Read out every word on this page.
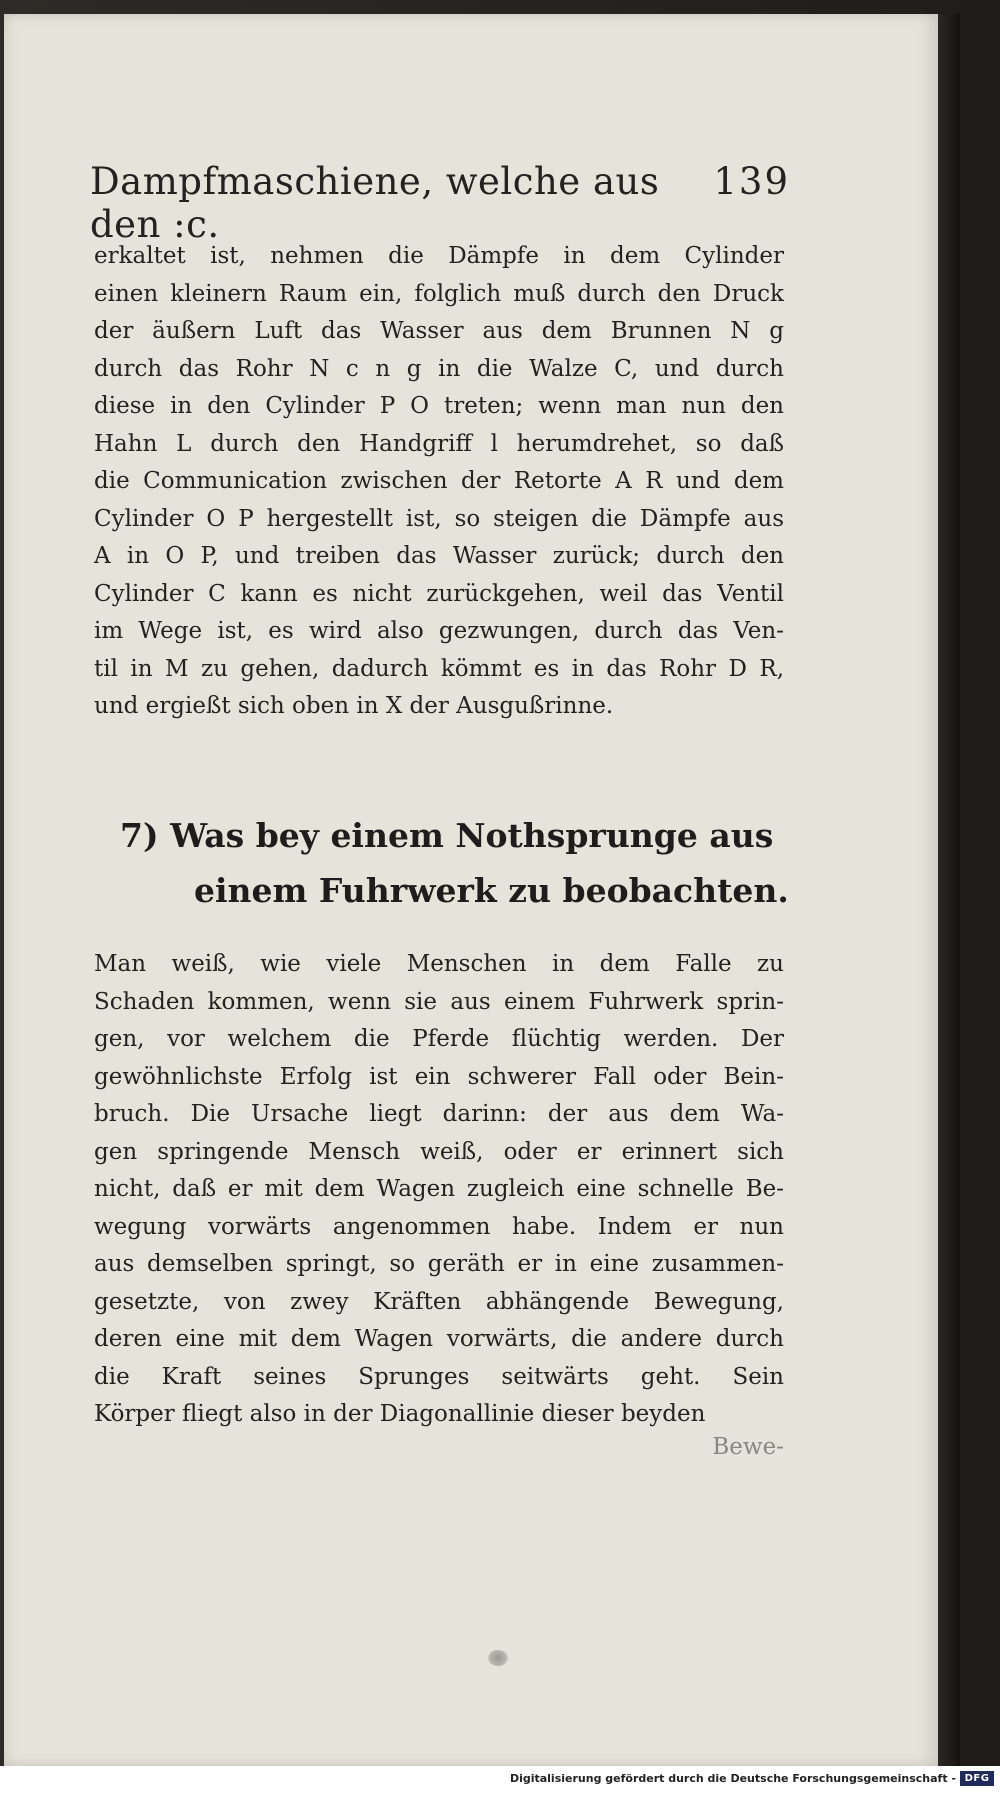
Dampfmaschiene, welche aus den :c.
139
erkaltet ist, nehmen die Dämpfe in dem Cylinder
einen kleinern Raum ein, folglich muß durch den Druck
der äußern Luft das Wasser aus dem Brunnen N g
durch das Rohr N c n g in die Walze C, und durch
diese in den Cylinder P O treten; wenn man nun den
Hahn L durch den Handgriff l herumdrehet, so daß
die Communication zwischen der Retorte A R und dem
Cylinder O P hergestellt ist, so steigen die Dämpfe aus
A in O P, und treiben das Wasser zurück; durch den
Cylinder C kann es nicht zurückgehen, weil das Ventil
im Wege ist, es wird also gezwungen, durch das Ven-
til in M zu gehen, dadurch kömmt es in das Rohr D R,
und ergießt sich oben in X der Ausgußrinne.
7) Was bey einem Nothsprunge aus
einem Fuhrwerk zu beobachten.
Man weiß, wie viele Menschen in dem Falle zu
Schaden kommen, wenn sie aus einem Fuhrwerk sprin-
gen, vor welchem die Pferde flüchtig werden. Der
gewöhnlichste Erfolg ist ein schwerer Fall oder Bein-
bruch. Die Ursache liegt darinn: der aus dem Wa-
gen springende Mensch weiß, oder er erinnert sich
nicht, daß er mit dem Wagen zugleich eine schnelle Be-
wegung vorwärts angenommen habe. Indem er nun
aus demselben springt, so geräth er in eine zusammen-
gesetzte, von zwey Kräften abhängende Bewegung,
deren eine mit dem Wagen vorwärts, die andere durch
die Kraft seines Sprunges seitwärts geht. Sein
Körper fliegt also in der Diagonallinie dieser beyden
Bewe-
Digitalisierung gefördert durch die Deutsche Forschungsgemeinschaft - DFG
